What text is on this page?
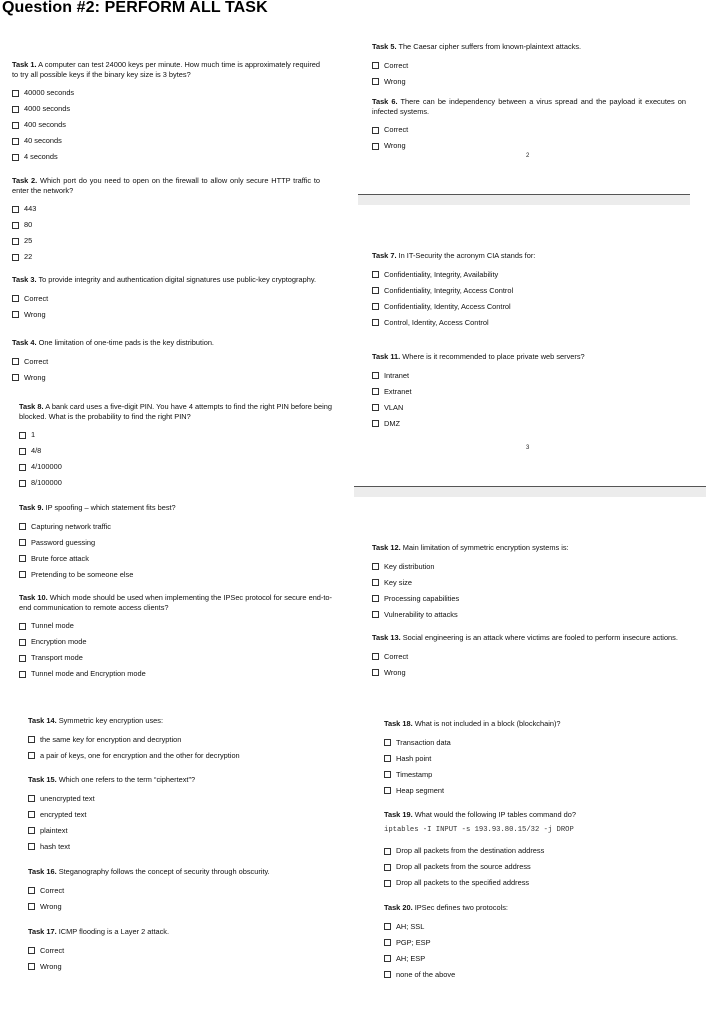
Question #2: PERFORM ALL TASK
2
3
Task 1. A computer can test 24000 keys per minute. How much time is approximately required to try all possible keys if the binary key size is 3 bytes?
40000 seconds
4000 seconds
400 seconds
40 seconds
4 seconds
Task 2. Which port do you need to open on the firewall to allow only secure HTTP traffic to enter the network?
443
80
25
22
Task 3. To provide integrity and authentication digital signatures use public-key cryptography.
Correct
Wrong
Task 4. One limitation of one-time pads is the key distribution.
Correct
Wrong
Task 8. A bank card uses a five-digit PIN. You have 4 attempts to find the right PIN before being blocked. What is the probability to find the right PIN?
1
4/8
4/100000
8/100000
Task 9. IP spoofing – which statement fits best?
Capturing network traffic
Password guessing
Brute force attack
Pretending to be someone else
Task 10. Which mode should be used when implementing the IPSec protocol for secure end-to-end communication to remote access clients?
Tunnel mode
Encryption mode
Transport mode
Tunnel mode and Encryption mode
Task 14. Symmetric key encryption uses:
the same key for encryption and decryption
a pair of keys, one for encryption and the other for decryption
Task 15. Which one refers to the term “ciphertext”?
unencrypted text
encrypted text
plaintext
hash text
Task 16. Steganography follows the concept of security through obscurity.
Correct
Wrong
Task 17. ICMP flooding is a Layer 2 attack.
Correct
Wrong
Task 5. The Caesar cipher suffers from known-plaintext attacks.
Correct
Wrong
Task 6. There can be independency between a virus spread and the payload it executes on infected systems.
Correct
Wrong
Task 7. In IT-Security the acronym CIA stands for:
Confidentiality, Integrity, Availability
Confidentiality, Integrity, Access Control
Confidentiality, Identity, Access Control
Control, Identity, Access Control
Task 11. Where is it recommended to place private web servers?
Intranet
Extranet
VLAN
DMZ
Task 12. Main limitation of symmetric encryption systems is:
Key distribution
Key size
Processing capabilities
Vulnerability to attacks
Task 13. Social engineering is an attack where victims are fooled to perform insecure actions.
Correct
Wrong
Task 18. What is not included in a block (blockchain)?
Transaction data
Hash point
Timestamp
Heap segment
Task 19. What would the following IP tables command do?
iptables -I INPUT -s 193.93.80.15/32 -j DROP
Drop all packets from the destination address
Drop all packets from the source address
Drop all packets to the specified address
Task 20. IPSec defines two protocols:
AH; SSL
PGP; ESP
AH; ESP
none of the above
